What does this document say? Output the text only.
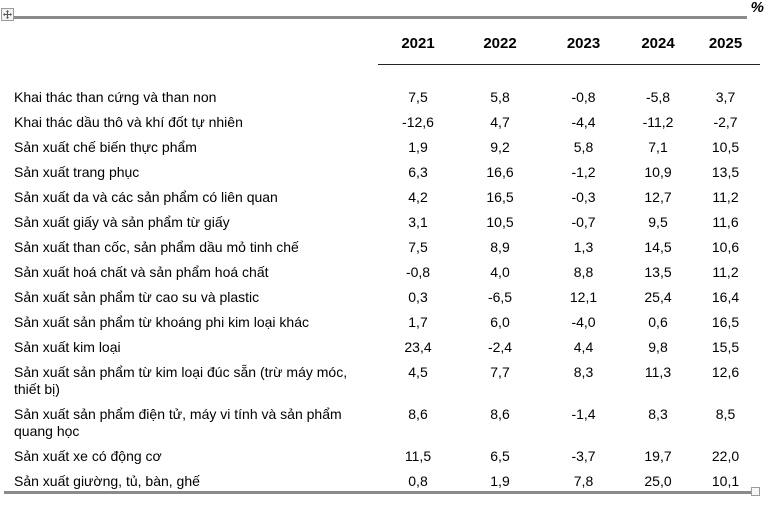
%
	2021	2022	2023	2024	2025
Khai thác than cứng và than non	7,5	5,8	-0,8	-5,8	3,7
Khai thác dầu thô và khí đốt tự nhiên	-12,6	4,7	-4,4	-11,2	-2,7
Sản xuất chế biến thực phẩm	1,9	9,2	5,8	7,1	10,5
Sản xuất trang phục	6,3	16,6	-1,2	10,9	13,5
Sản xuất da và các sản phẩm có liên quan	4,2	16,5	-0,3	12,7	11,2
Sản xuất giấy và sản phẩm từ giấy	3,1	10,5	-0,7	9,5	11,6
Sản xuất than cốc, sản phẩm dầu mỏ tinh chế	7,5	8,9	1,3	14,5	10,6
Sản xuất hoá chất và sản phẩm hoá chất	-0,8	4,0	8,8	13,5	11,2
Sản xuất sản phẩm từ cao su và plastic	0,3	-6,5	12,1	25,4	16,4
Sản xuất sản phẩm từ khoáng phi kim loại khác	1,7	6,0	-4,0	0,6	16,5
Sản xuất kim loại	23,4	-2,4	4,4	9,8	15,5
Sản xuất sản phẩm từ kim loại đúc sẵn (trừ máy móc, thiết bị)	4,5	7,7	8,3	11,3	12,6
Sản xuất sản phẩm điện tử, máy vi tính và sản phẩm quang học	8,6	8,6	-1,4	8,3	8,5
Sản xuất xe có động cơ	11,5	6,5	-3,7	19,7	22,0
Sản xuất giường, tủ, bàn, ghế	0,8	1,9	7,8	25,0	10,1
